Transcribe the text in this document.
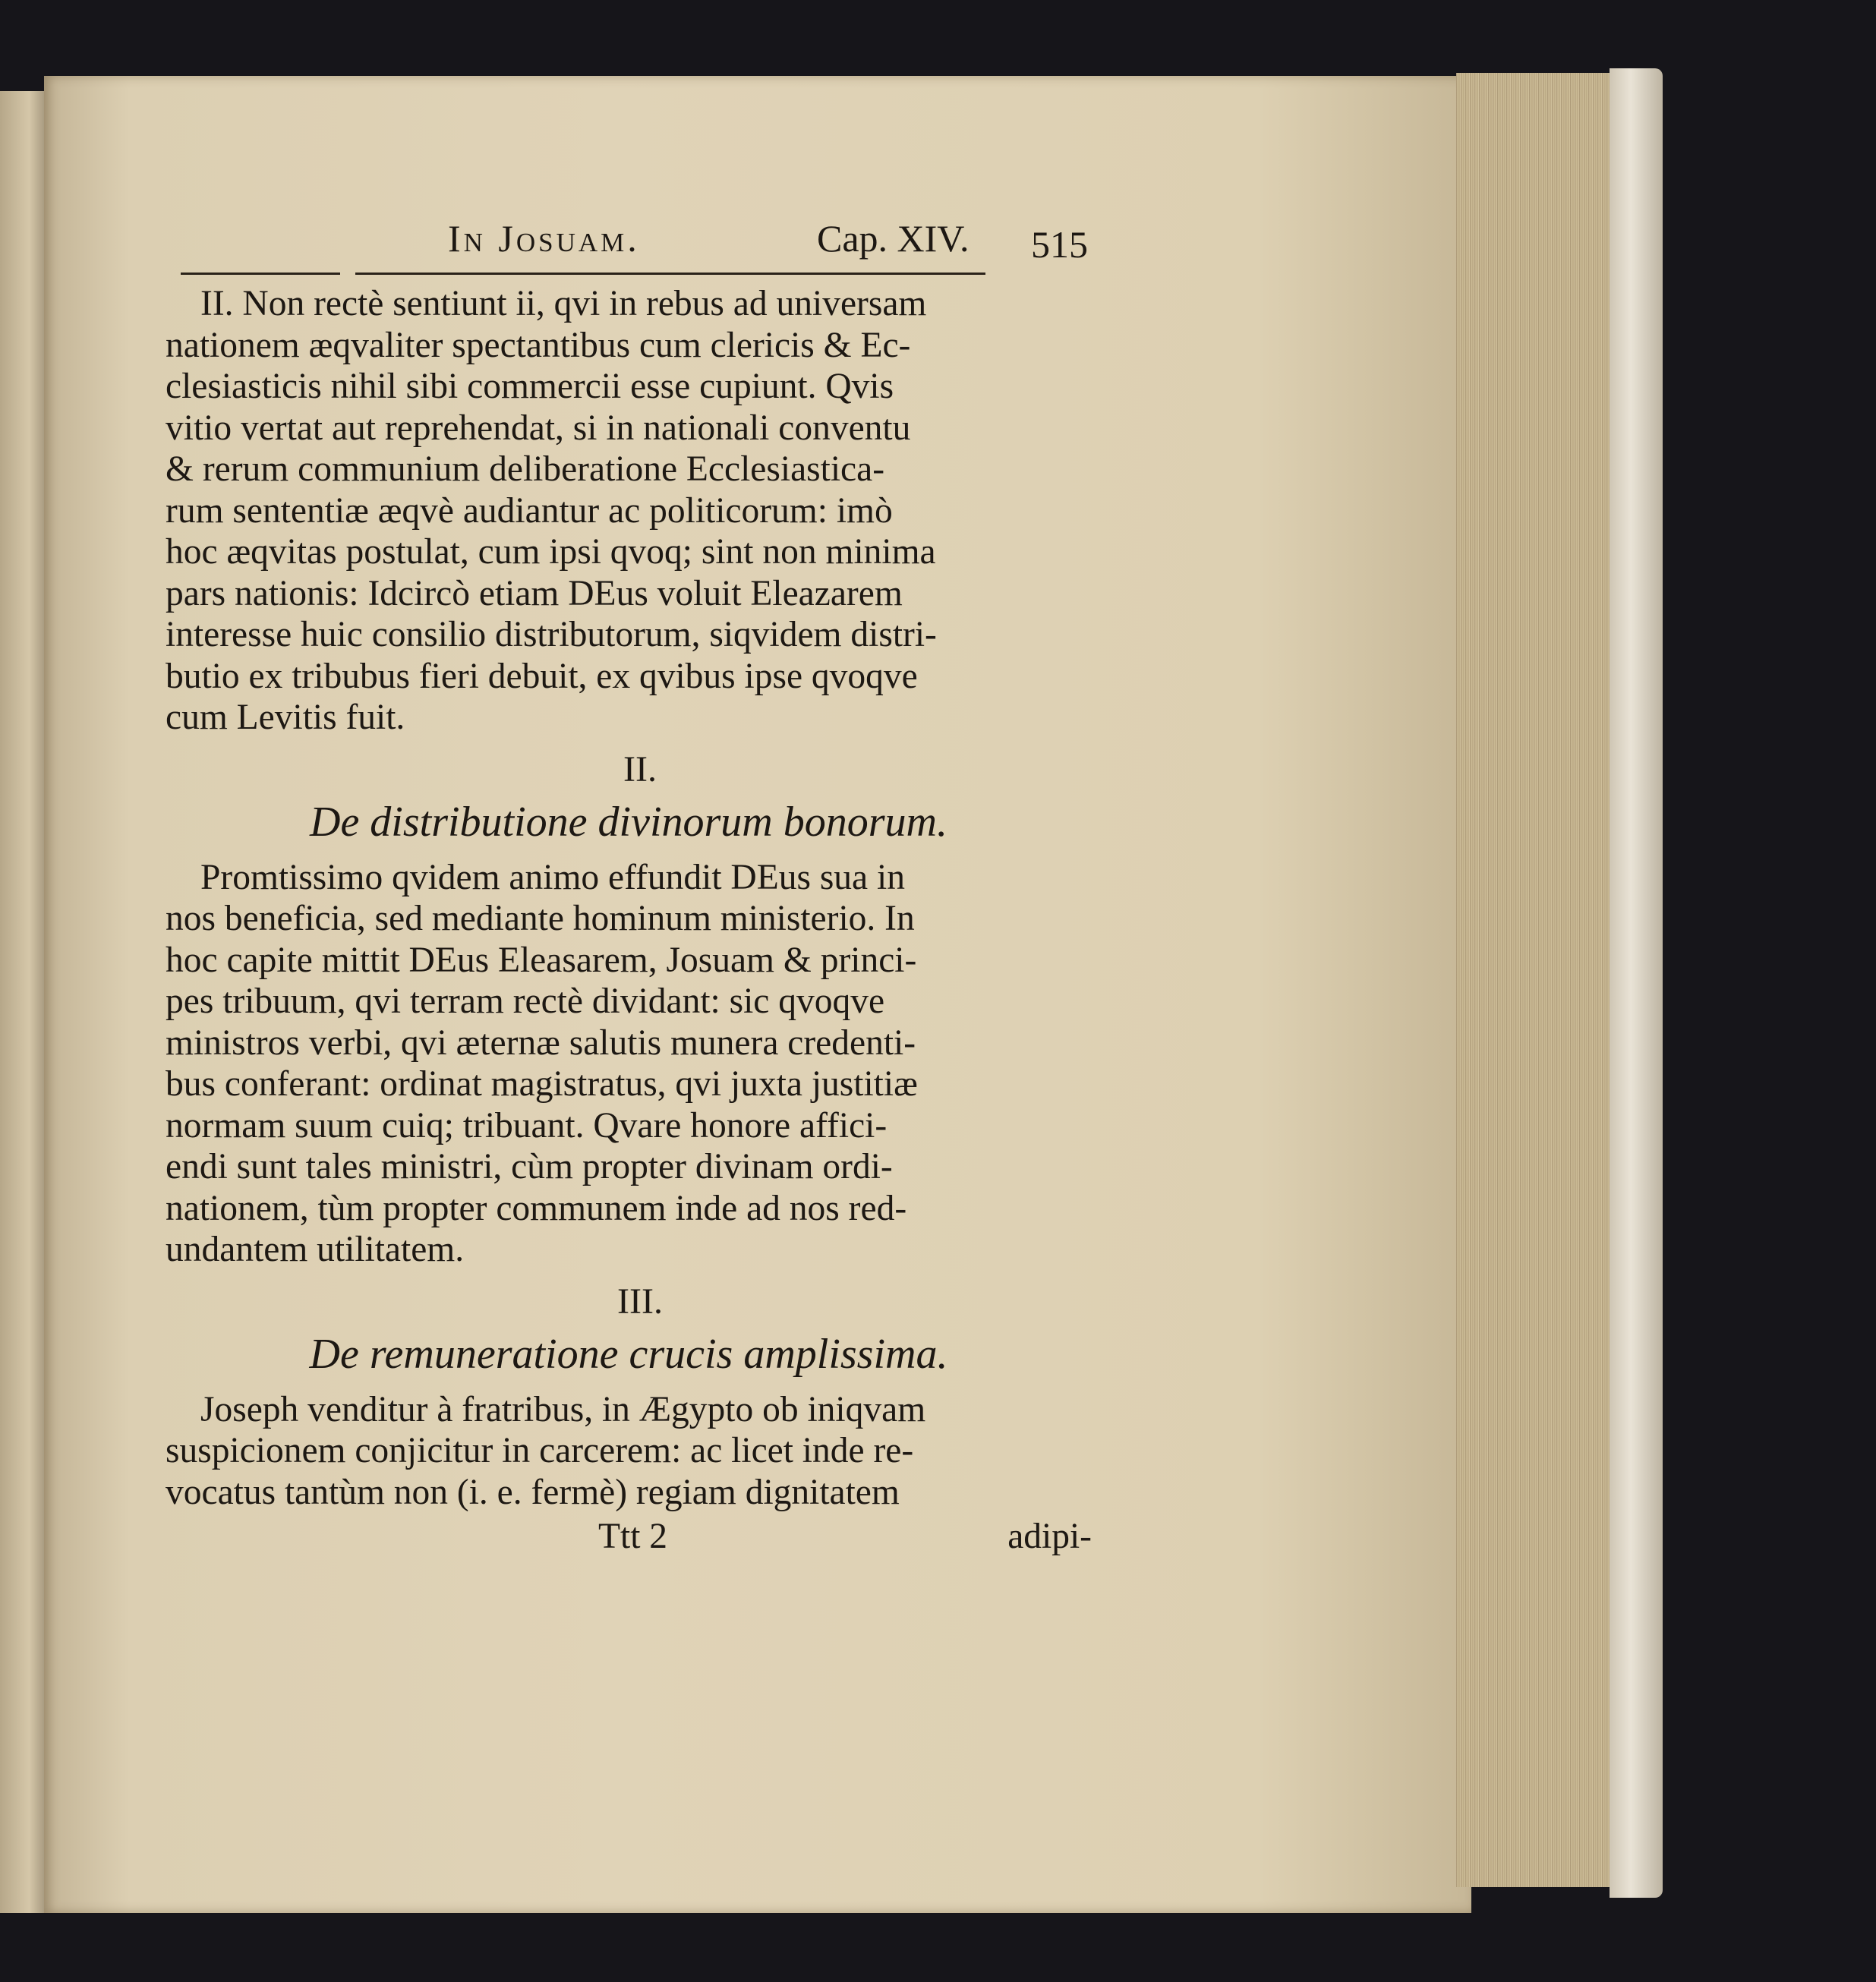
In Josuam.	Cap. XIV. 515

II. Non rectè sentiunt ii, qvi in rebus ad universam

nationem æqvaliter spectantibus cum clericis & Ec-

clesiasticis nihil sibi commercii esse cupiunt. Qvis

vitio vertat aut reprehendat, si in nationali conventu

& rerum communium deliberatione Ecclesiastica-

rum sententiæ æqvè audiantur ac politicorum: imò

hoc æqvitas postulat, cum ipsi qvoq; sint non minima

pars nationis: Idcircò etiam DEus voluit Eleazarem

interesse huic consilio distributorum, siqvidem distri-

butio ex tribubus fieri debuit, ex qvibus ipse qvoqve

cum Levitis fuit.

II.
De distributione divinorum bonorum.

Promtissimo qvidem animo effundit DEus sua in

nos beneficia, sed mediante hominum ministerio. In

hoc capite mittit DEus Eleasarem, Josuam & princi-

pes tribuum, qvi terram rectè dividant: sic qvoqve

ministros verbi, qvi æternæ salutis munera credenti-

bus conferant: ordinat magistratus, qvi juxta justitiæ

normam suum cuiq; tribuant. Qvare honore affici-

endi sunt tales ministri, cùm propter divinam ordi-

nationem, tùm propter communem inde ad nos red-

undantem utilitatem.

III.
De remuneratione crucis amplissima.

Joseph venditur à fratribus, in Ægypto ob iniqvam

suspicionem conjicitur in carcerem: ac licet inde re-

vocatus tantùm non (i. e. fermè) regiam dignitatem

Ttt 2	adipi-
